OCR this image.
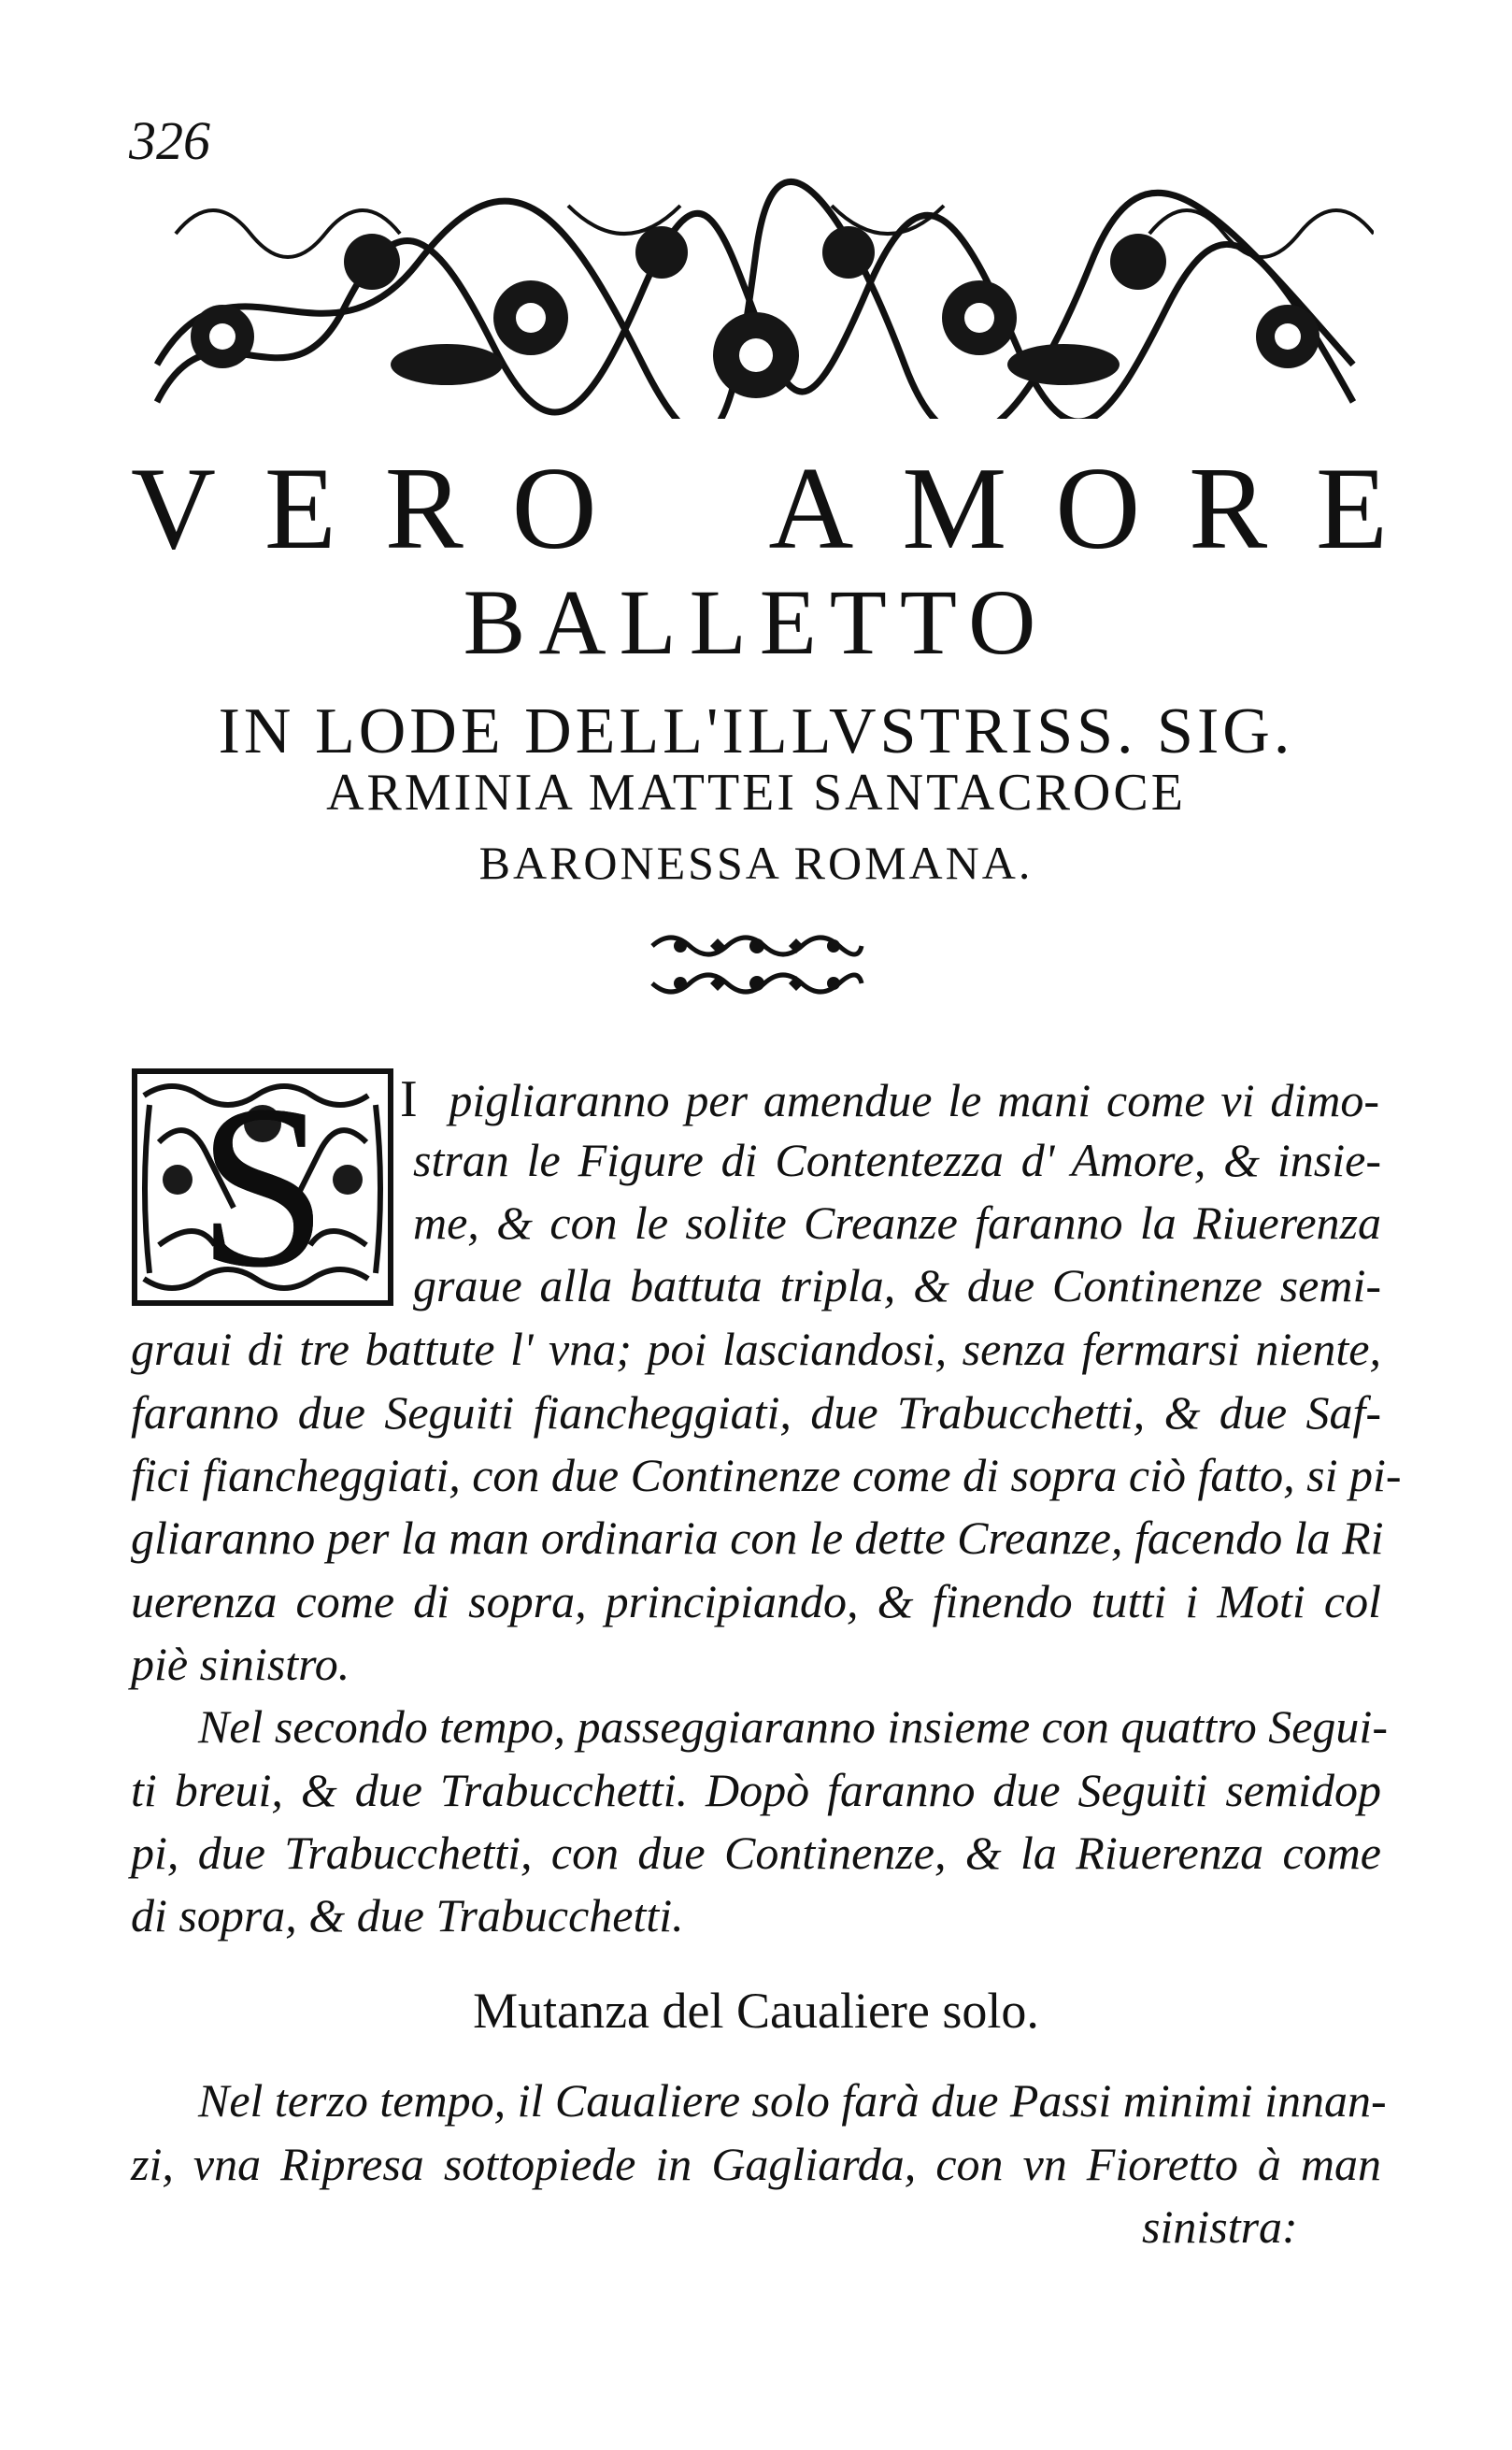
326
V E R O A M O R E
BALLETTO
IN LODE DELL'ILLVSTRISS. SIG.
ARMINIA MATTEI SANTACROCE
BARONESSA ROMANA.
S	I pigliaranno per amendue le mani come vi dimo-
stran le Figure di Contentezza d' Amore, & insie-
me, & con le solite Creanze faranno la Riuerenza
graue alla battuta tripla, & due Continenze semi-
graui di tre battute l' vna; poi lasciandosi, senza fermarsi niente,
faranno due Seguiti fiancheggiati, due Trabucchetti, & due Saf-
fici fiancheggiati, con due Continenze come di sopra ciò fatto, si pi-
gliaranno per la man ordinaria con le dette Creanze, facendo la Ri
uerenza come di sopra, principiando, & finendo tutti i Moti col
piè sinistro.
Nel secondo tempo, passeggiaranno insieme con quattro Segui-
ti breui, & due Trabucchetti. Dopò faranno due Seguiti semidop
pi, due Trabucchetti, con due Continenze, & la Riuerenza come
di sopra, & due Trabucchetti.
Mutanza del Caualiere solo.
Nel terzo tempo, il Caualiere solo farà due Passi minimi innan-
zi, vna Ripresa sottopiede in Gagliarda, con vn Fioretto à man
sinistra:
